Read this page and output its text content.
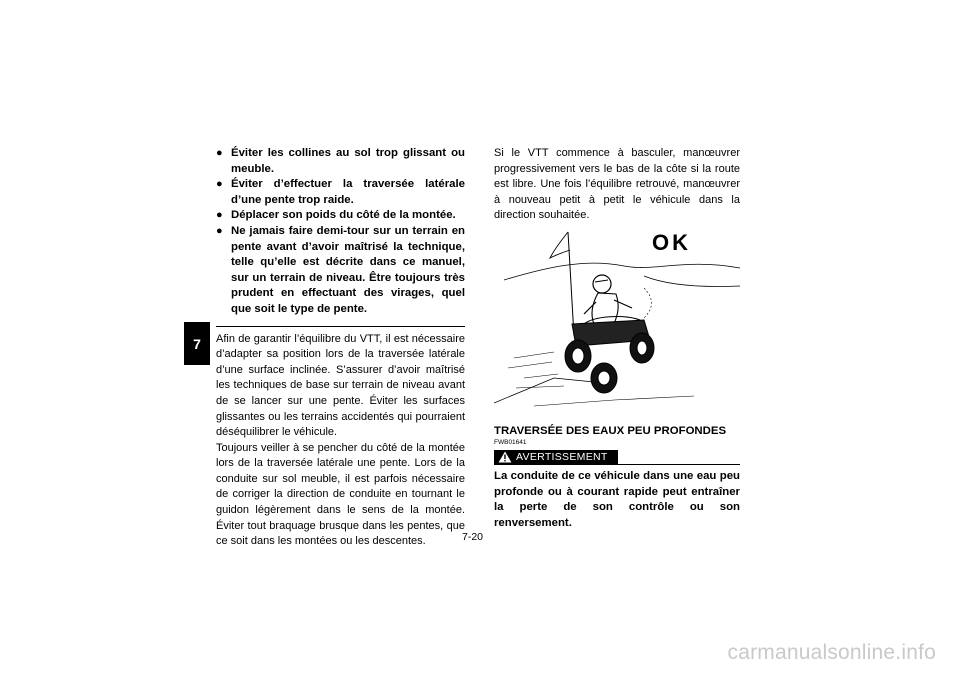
7
● Éviter les collines au sol trop glissant ou meuble.
● Éviter d’effectuer la traversée latérale d’une pente trop raide.
● Déplacer son poids du côté de la montée.
● Ne jamais faire demi-tour sur un terrain en pente avant d’avoir maîtrisé la technique, telle qu’elle est décrite dans ce manuel, sur un terrain de niveau. Être toujours très prudent en effectuant des virages, quel que soit le type de pente.

Afin de garantir l’équilibre du VTT, il est nécessaire d’adapter sa position lors de la traversée latérale d’une surface inclinée. S’assurer d’avoir maîtrisé les techniques de base sur terrain de niveau avant de se lancer sur une pente. Éviter les surfaces glissantes ou les terrains accidentés qui pourraient déséquilibrer le véhicule.

Toujours veiller à se pencher du côté de la montée lors de la traversée latérale une pente. Lors de la conduite sur sol meuble, il est parfois nécessaire de corriger la direction de conduite en tournant le guidon légèrement dans le sens de la montée. Éviter tout braquage brusque dans les pentes, que ce soit dans les montées ou les descentes.

Si le VTT commence à basculer, manœuvrer progressivement vers le bas de la côte si la route est libre. Une fois l’équilibre retrouvé, manœuvrer à nouveau petit à petit le véhicule dans la direction souhaitée.

OK
TRAVERSÉE DES EAUX PEU PROFONDES
FWB01641
AVERTISSEMENT
La conduite de ce véhicule dans une eau peu profonde ou à courant rapide peut entraîner la perte de son contrôle ou son renversement.
7-20
carmanualsonline.info
